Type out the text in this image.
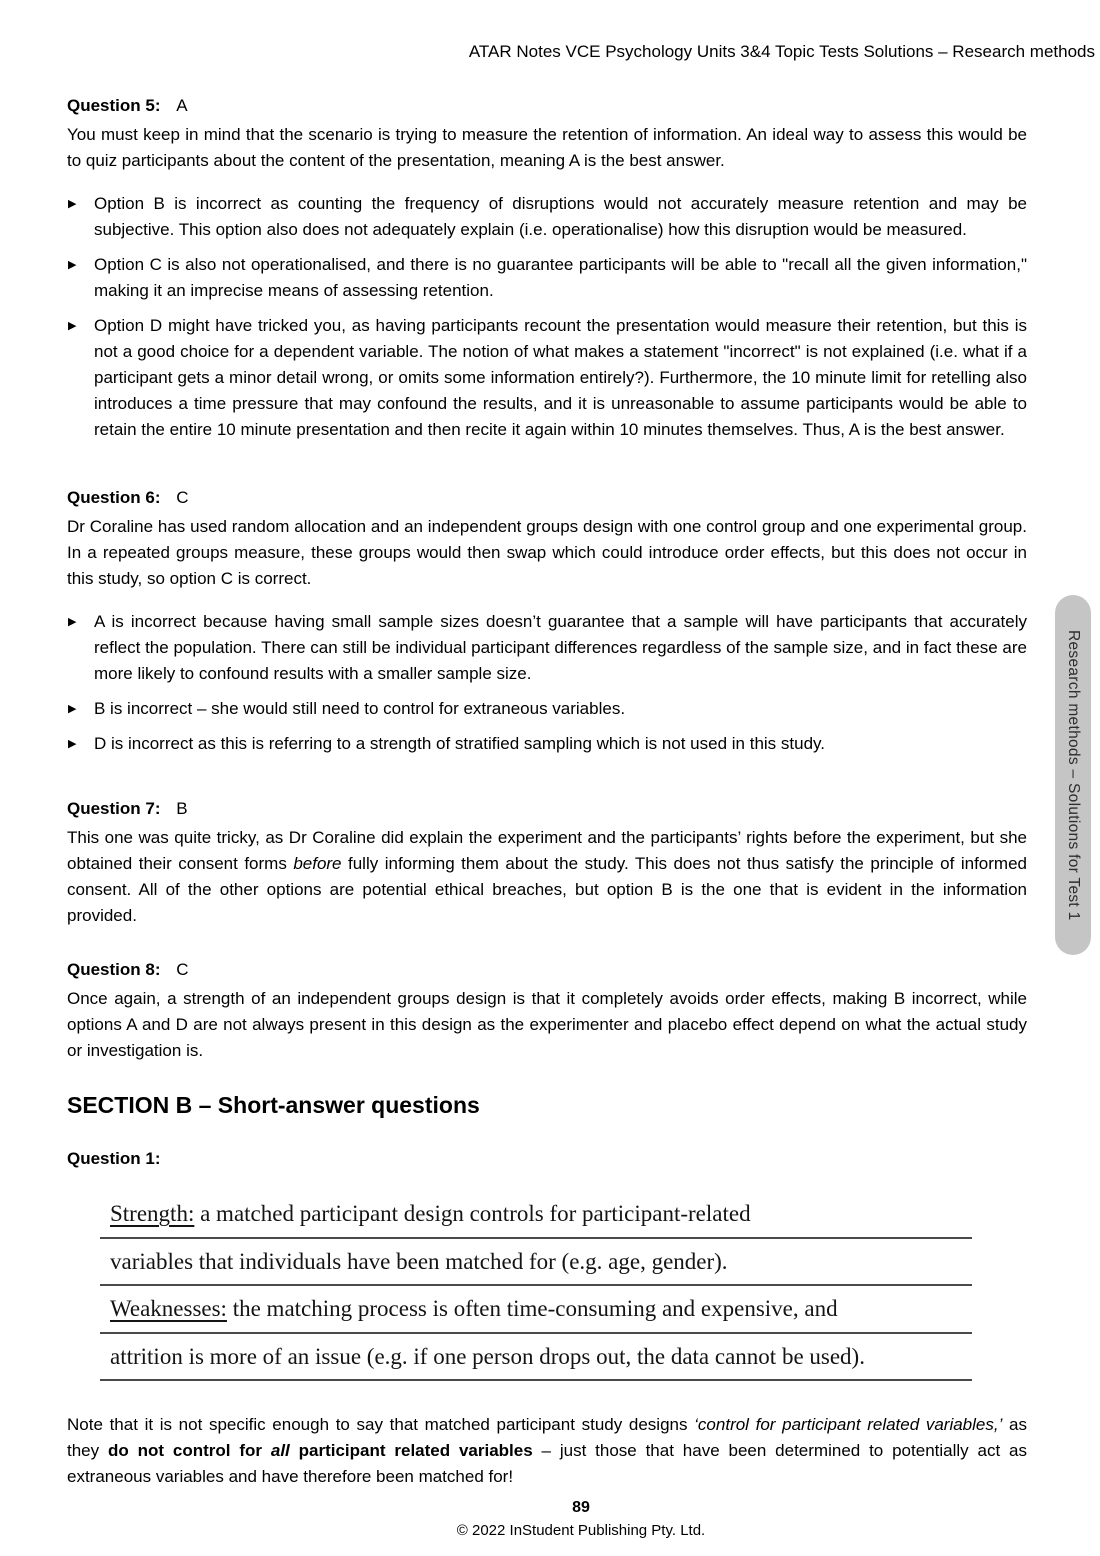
ATAR Notes VCE Psychology Units 3&4 Topic Tests Solutions – Research methods

Question 5: A

You must keep in mind that the scenario is trying to measure the retention of information. An ideal way to assess this would be to quiz participants about the content of the presentation, meaning A is the best answer.

▶	Option B is incorrect as counting the frequency of disruptions would not accurately measure retention and may be subjective. This option also does not adequately explain (i.e. operationalise) how this disruption would be measured.

▶	Option C is also not operationalised, and there is no guarantee participants will be able to "recall all the given information," making it an imprecise means of assessing retention.

▶	Option D might have tricked you, as having participants recount the presentation would measure their retention, but this is not a good choice for a dependent variable. The notion of what makes a statement "incorrect" is not explained (i.e. what if a participant gets a minor detail wrong, or omits some information entirely?). Furthermore, the 10 minute limit for retelling also introduces a time pressure that may confound the results, and it is unreasonable to assume participants would be able to retain the entire 10 minute presentation and then recite it again within 10 minutes themselves. Thus, A is the best answer.

Question 6: C

Dr Coraline has used random allocation and an independent groups design with one control group and one experimental group. In a repeated groups measure, these groups would then swap which could introduce order effects, but this does not occur in this study, so option C is correct.

▶	A is incorrect because having small sample sizes doesn’t guarantee that a sample will have participants that accurately reflect the population. There can still be individual participant differences regardless of the sample size, and in fact these are more likely to confound results with a smaller sample size.

▶	B is incorrect – she would still need to control for extraneous variables.

▶	D is incorrect as this is referring to a strength of stratified sampling which is not used in this study.

Question 7: B

This one was quite tricky, as Dr Coraline did explain the experiment and the participants’ rights before the experiment, but she obtained their consent forms before fully informing them about the study. This does not thus satisfy the principle of informed consent. All of the other options are potential ethical breaches, but option B is the one that is evident in the information provided.

Question 8: C

Once again, a strength of an independent groups design is that it completely avoids order effects, making B incorrect, while options A and D are not always present in this design as the experimenter and placebo effect depend on what the actual study or investigation is.

SECTION B – Short-answer questions

Question 1:

Strength: a matched participant design controls for participant-related
variables that individuals have been matched for (e.g. age, gender).
Weaknesses: the matching process is often time-consuming and expensive, and
attrition is more of an issue (e.g. if one person drops out, the data cannot be used).

Note that it is not specific enough to say that matched participant study designs ‘control for participant related variables,’ as they do not control for all participant related variables – just those that have been determined to potentially act as extraneous variables and have therefore been matched for!

Research methods – Solutions for Test 1
89
© 2022 InStudent Publishing Pty. Ltd.
